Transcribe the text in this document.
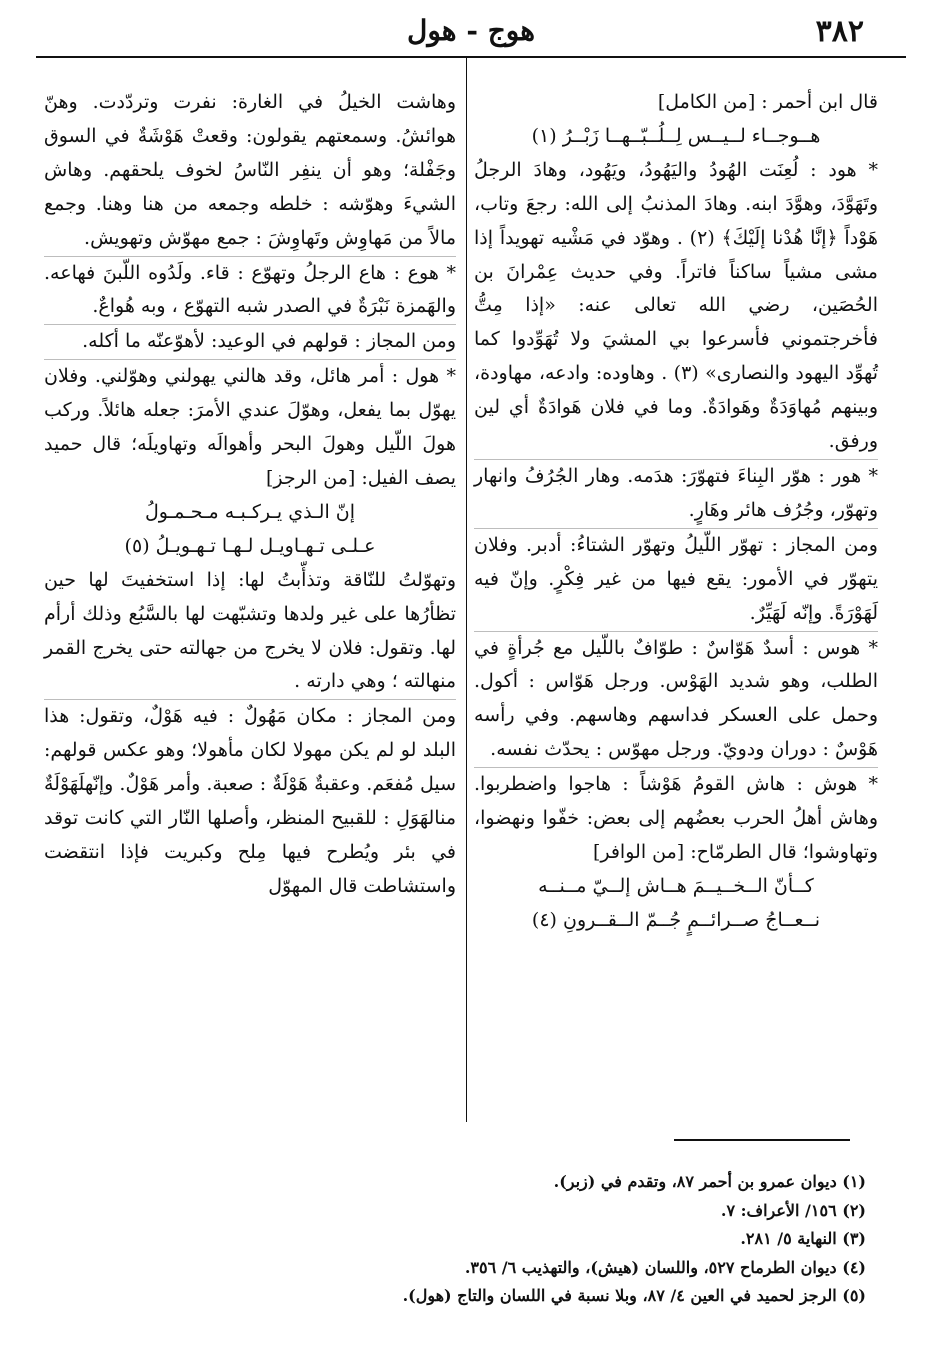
٣٨٢
هوج - هول

قال ابن أحمر : [من الكامل]

هــوجــاء لــيــس لِــلُــبّــهــا زَبْــرُ (١)

* هود : لُعِنَت الهُودُ واليَهُودُ، ويَهُود، وهادَ الرجلُ وتَهَوَّدَ، وهوَّدَ ابنه. وهادَ المذنبُ إلى الله: رجعَ وتاب، هَوْداً ﴿إنَّا هُدْنا إلَيْكَ﴾ (٢) . وهوّد في مَشْيه تهويداً إذا مشى مشياً ساكناً فاتراً. وفي حديث عِمْرانَ بن الحُصَين، رضي الله تعالى عنه: «إذا مِتُّ فأخرجتموني فأسرعوا بي المشيَ ولا تُهَوِّدوا كما تُهوِّد اليهود والنصارى» (٣) . وهاوده: وادعه، مهاودة، وبينهم مُهاوَدَةٌ وهَوادَةٌ. وما في فلان هَوادَةٌ أي لين ورفق.

* هور : هوّر البِناءَ فتهوّرَ: هدَمه. وهار الجُرُفُ وانهار وتهوّر، وجُرُف هائر وهَارٍ.

ومن المجاز : تهوّر اللّيلُ وتهوّر الشتاءُ: أدبر. وفلان يتهوّر في الأمور: يقع فيها من غير فِكْرٍ. وإنّ فيه لَهَوْرَةً. وإنّه لَهَيِّرٌ.

* هوس : أسدٌ هَوّاسٌ : طوّافٌ باللّيل مع جُرأةٍ في الطلب، وهو شديد الهَوْس. ورجل هَوّاس : أكول. وحمل على العسكر فداسهم وهاسهم. وفي رأسه هَوْسٌ : دوران ودويّ. ورجل مهوّس : يحدّث نفسه.

* هوش : هاش القومُ هَوْشاً : هاجوا واضطربوا. وهاش أهلُ الحرب بعضُهم إلى بعض: خفّوا ونهضوا، وتهاوشوا؛ قال الطرمّاح: [من الوافر]

كــأنّ الــخــيــمَ هــاش إلــيّ مــنــه

نــعــاجُ صــرائــمٍ جُــمّ الــقــرونِ (٤)

وهاشت الخيلُ في الغارة: نفرت وتردّدت. وهنّ هوائشُ. وسمعتهم يقولون: وقعتْ هَوْشَةٌ في السوق وجَفْلة؛ وهو أن ينفِر النّاسُ لخوف يلحقهم. وهاش الشيءَ وهوّشه : خلطه وجمعه من هنا وهنا. وجمع مالاً من مَهاوِش وتَهاوِشَ : جمع مهوّش وتهويش.

* هوع : هاع الرجلُ وتهوّع : قاء. ولَدُوه اللّبنَ فهاعه. والهَمزة نَبْرَةٌ في الصدر شبه التهوّع ، وبه هُواعٌ.

ومن المجاز : قولهم في الوعيد: لأهوّعنّه ما أكله.

* هول : أمر هائل، وقد هالني يهولني وهوّلني. وفلان يهوّل بما يفعل، وهوّلَ عندي الأمرَ: جعله هائلاً. وركب هولَ اللّيل وهولَ البحر وأهوالَه وتهاويلَه؛ قال حميد يصف الفيل: [من الرجز]

إنّ الـذي يـركـبـه مـحـمـولُ

عـلـى تـهـاويـل لـهـا تـهـويـلُ (٥)

وتهوّلتُ للنّاقة وتذأّبتُ لها: إذا استخفيتَ لها حين تظأرُها على غير ولدها وتشبّهت لها بالسَّبُع وذلك أرأم لها. وتقول: فلان لا يخرج من جهالته حتى يخرج القمر منهالته ؛ وهي دارته .

ومن المجاز : مكان مَهُولٌ : فيه هَوْلٌ، وتقول: هذا البلد لو لم يكن مهولا لكان مأهولا؛ وهو عكس قولهم: سيل مُفعَم. وعقبةٌ هَوْلَةٌ : صعبة. وأمر هَوْلٌ. وإنّهلَهَوْلَةٌ منالهَوَلِ : للقبيح المنظر، وأصلها النّار التي كانت توقد في بئر ويُطرح فيها مِلح وكبريت فإذا انتقضت واستشاطت قال المهوّل

(١) ديوان عمرو بن أحمر ٨٧، وتقدم في (زبر).

(٢) ١٥٦/ الأعراف: ٧.

(٣) النهاية ٥/ ٢٨١.

(٤) ديوان الطرماح ٥٢٧، واللسان (هيش)، والتهذيب ٦/ ٣٥٦.

(٥) الرجز لحميد في العين ٤/ ٨٧، وبلا نسبة في اللسان والتاج (هول).
